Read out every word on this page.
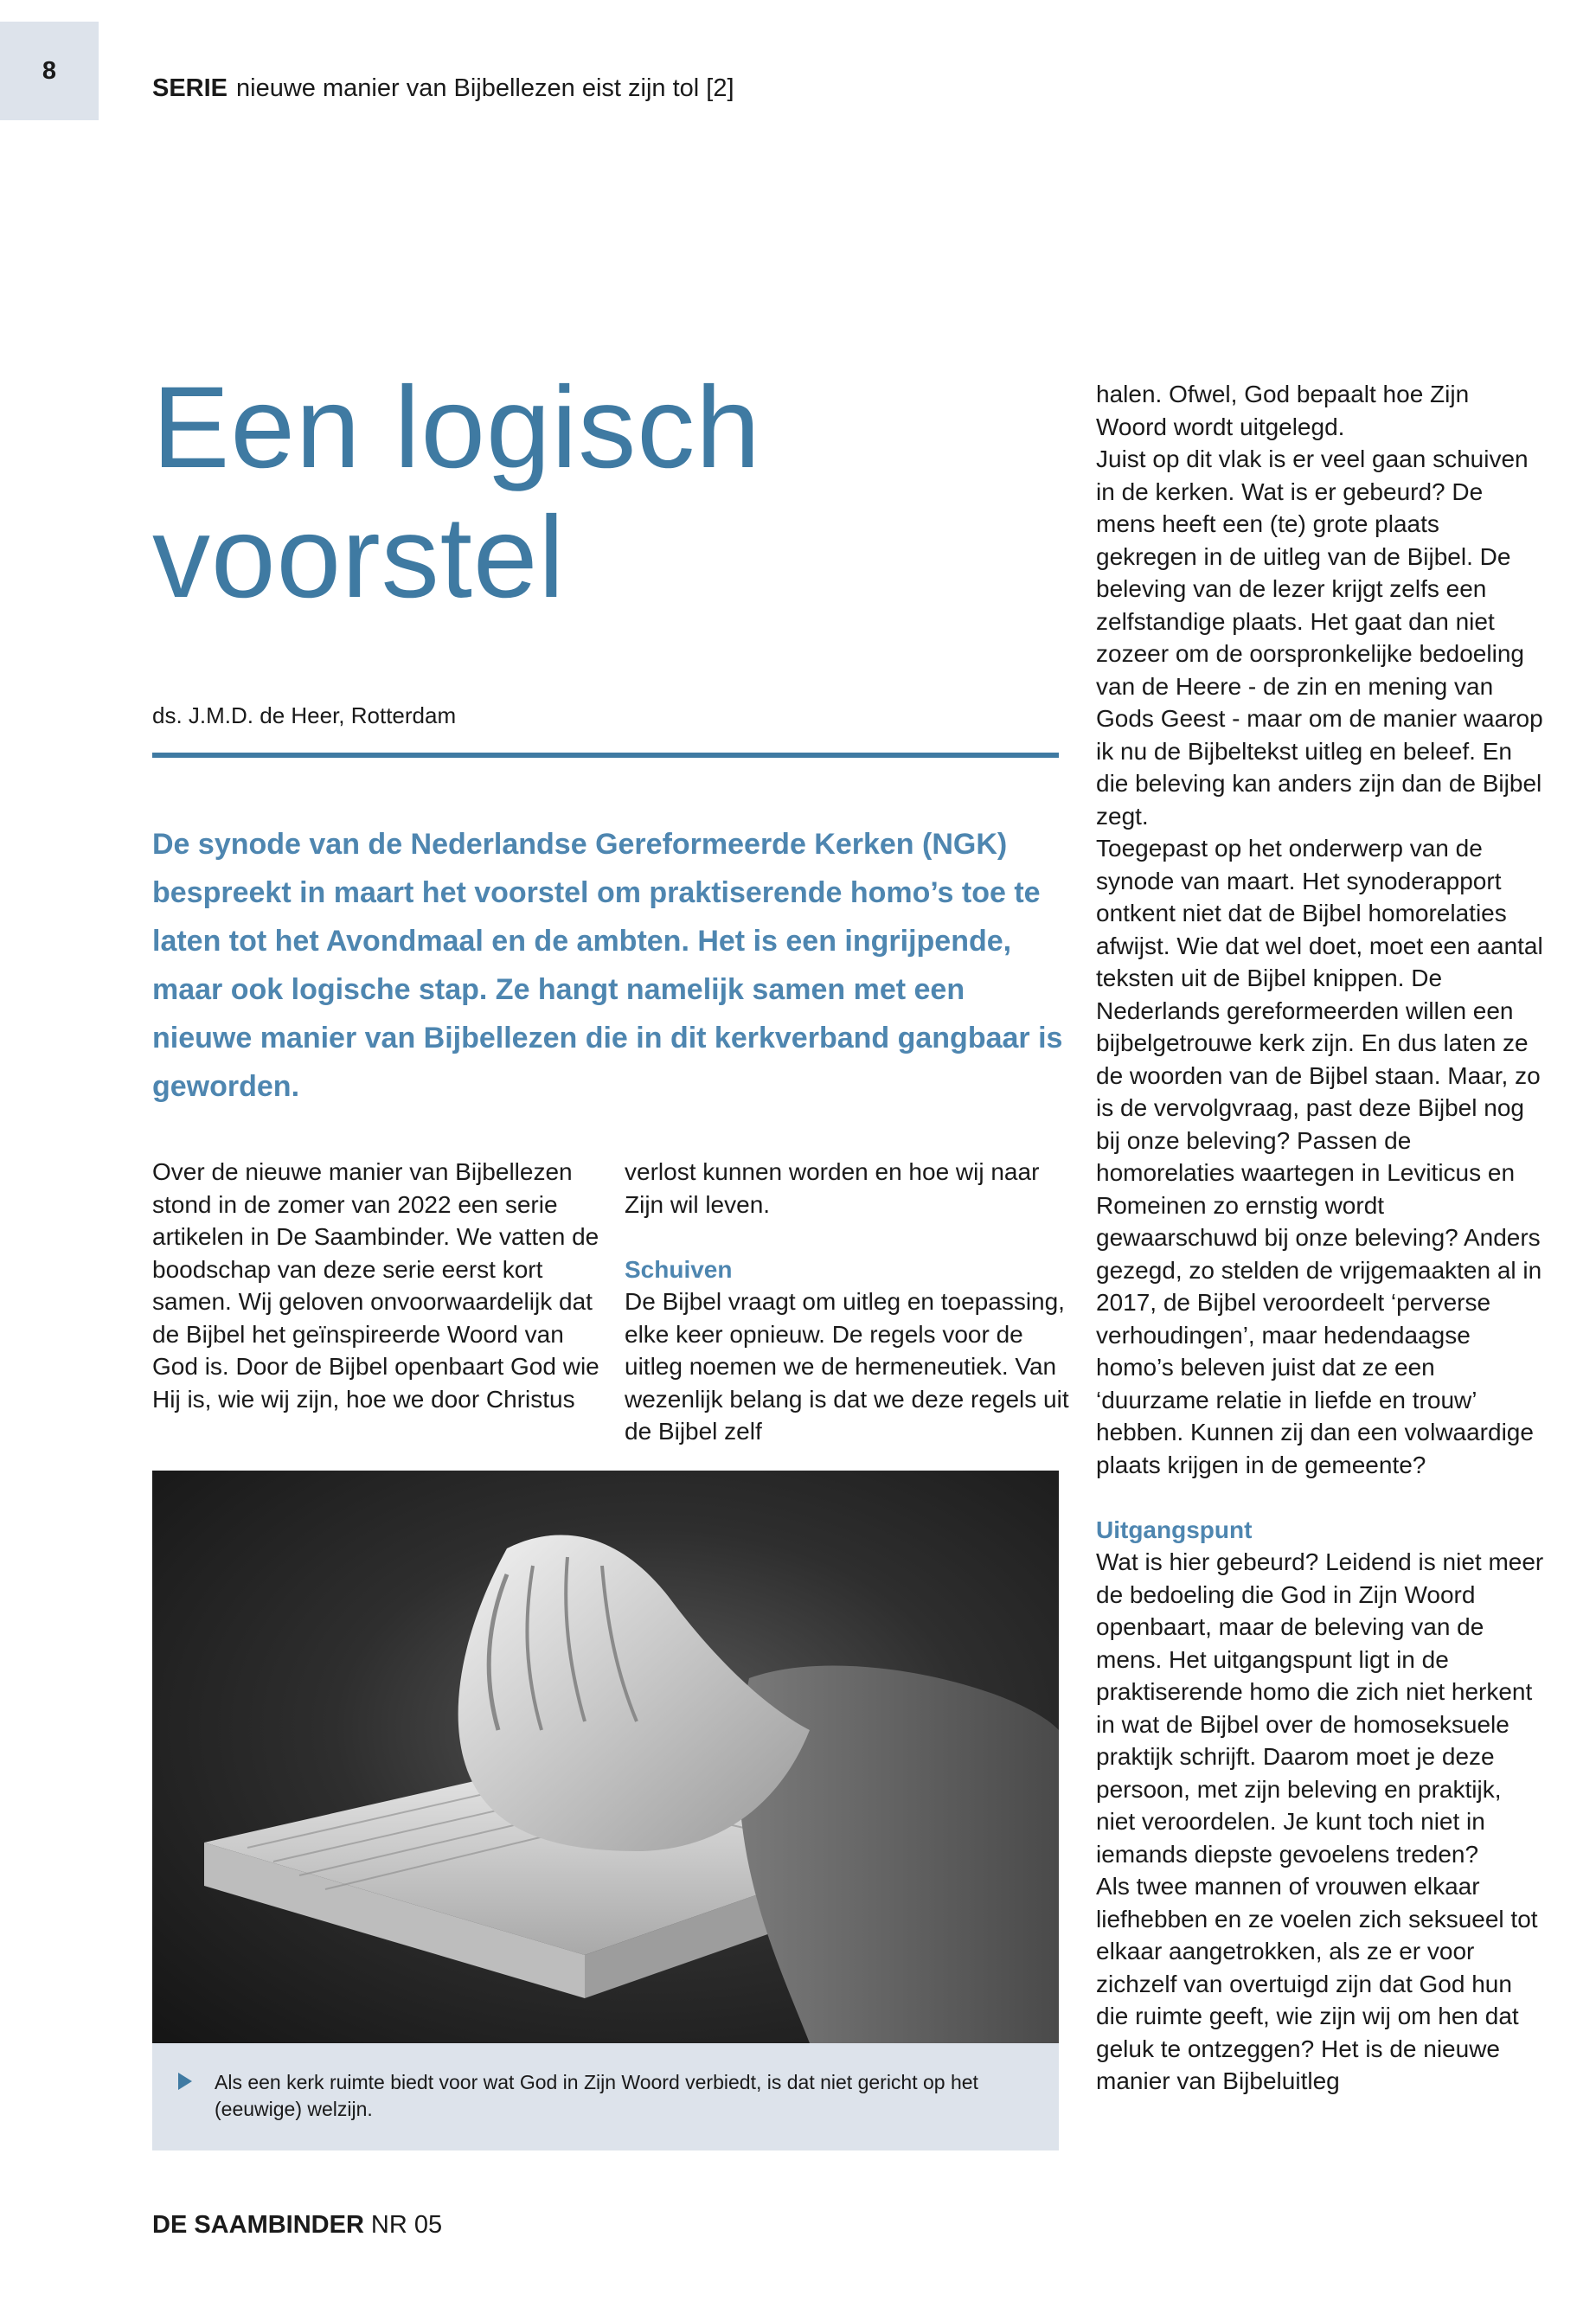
8
SERIE nieuwe manier van Bijbellezen eist zijn tol [2]
Een logisch
voorstel
ds. J.M.D. de Heer, Rotterdam

De synode van de Nederlandse Gereformeerde Kerken (NGK) bespreekt in maart het voorstel om praktiserende homo’s toe te laten tot het Avondmaal en de ambten. Het is een ingrijpende, maar ook logische stap. Ze hangt namelijk samen met een nieuwe manier van Bijbellezen die in dit kerkverband gangbaar is geworden.

Over de nieuwe manier van Bijbellezen stond in de zomer van 2022 een serie artikelen in De Saambinder. We vatten de boodschap van deze serie eerst kort samen. Wij geloven onvoorwaardelijk dat de Bijbel het geïnspireerde Woord van God is. Door de Bijbel openbaart God wie Hij is, wie wij zijn, hoe we door Christus

verlost kunnen worden en hoe wij naar Zijn wil leven.

Schuiven

De Bijbel vraagt om uitleg en toepassing, elke keer opnieuw. De regels voor de uitleg noemen we de hermeneutiek. Van wezenlijk belang is dat we deze regels uit de Bijbel zelf

halen. Ofwel, God bepaalt hoe Zijn Woord wordt uitgelegd.

Juist op dit vlak is er veel gaan schuiven in de kerken. Wat is er gebeurd? De mens heeft een (te) grote plaats gekregen in de uitleg van de Bijbel. De beleving van de lezer krijgt zelfs een zelfstandige plaats. Het gaat dan niet zozeer om de oorspronkelijke bedoeling van de Heere - de zin en mening van Gods Geest - maar om de manier waarop ik nu de Bijbeltekst uitleg en beleef. En die beleving kan anders zijn dan de Bijbel zegt.

Toegepast op het onderwerp van de synode van maart. Het synoderapport ontkent niet dat de Bijbel homorelaties afwijst. Wie dat wel doet, moet een aantal teksten uit de Bijbel knippen. De Nederlands gereformeerden willen een bijbelgetrouwe kerk zijn. En dus laten ze de woorden van de Bijbel staan. Maar, zo is de vervolgvraag, past deze Bijbel nog bij onze beleving? Passen de homorelaties waartegen in Leviticus en Romeinen zo ernstig wordt gewaarschuwd bij onze beleving? Anders gezegd, zo stelden de vrijgemaakten al in 2017, de Bijbel veroordeelt ‘perverse verhoudingen’, maar hedendaagse homo’s beleven juist dat ze een ‘duurzame relatie in liefde en trouw’ hebben. Kunnen zij dan een volwaardige plaats krijgen in de gemeente?

Uitgangspunt

Wat is hier gebeurd? Leidend is niet meer de bedoeling die God in Zijn Woord openbaart, maar de beleving van de mens. Het uitgangspunt ligt in de praktiserende homo die zich niet herkent in wat de Bijbel over de homoseksuele praktijk schrijft. Daarom moet je deze persoon, met zijn beleving en praktijk, niet veroordelen. Je kunt toch niet in iemands diepste gevoelens treden?

Als twee mannen of vrouwen elkaar liefhebben en ze voelen zich seksueel tot elkaar aangetrokken, als ze er voor zichzelf van overtuigd zijn dat God hun die ruimte geeft, wie zijn wij om hen dat geluk te ontzeggen? Het is de nieuwe manier van Bijbeluitleg

Als een kerk ruimte biedt voor wat God in Zijn Woord verbiedt, is dat niet gericht op het (eeuwige) welzijn.
DE SAAMBINDER NR 05
